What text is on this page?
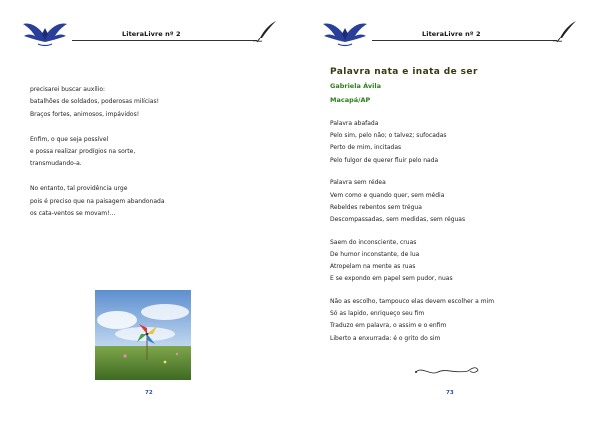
LiteraLivre nº 2
precisarei buscar auxílio:
batalhões de soldados, poderosas milícias!
Braços fortes, animosos, impávidos!
Enfim, o que seja possível
e possa realizar prodígios na sorte,
transmudando-a.
No entanto, tal providência urge
pois é preciso que na paisagem abandonada
os cata-ventos se movam!...
72
LiteraLivre nº 2
Palavra nata e inata de ser
Gabriela Ávila
Macapá/AP
Palavra abafada
Pelo sim, pelo não; o talvez; sufocadas
Perto de mim, incitadas
Pelo fulgor de querer fluir pelo nada
Palavra sem rédea
Vem como e quando quer, sem média
Rebeldes rebentos sem trégua
Descompassadas, sem medidas, sem réguas
Saem do inconsciente, cruas
De humor inconstante, de lua
Atropelam na mente as ruas
E se expondo em papel sem pudor, nuas
Não as escolho, tampouco elas devem escolher a mim
Só as lapido, enriqueço seu fim
Traduzo em palavra, o assim e o enfim
Liberto a enxurrada: é o grito do sim
73
